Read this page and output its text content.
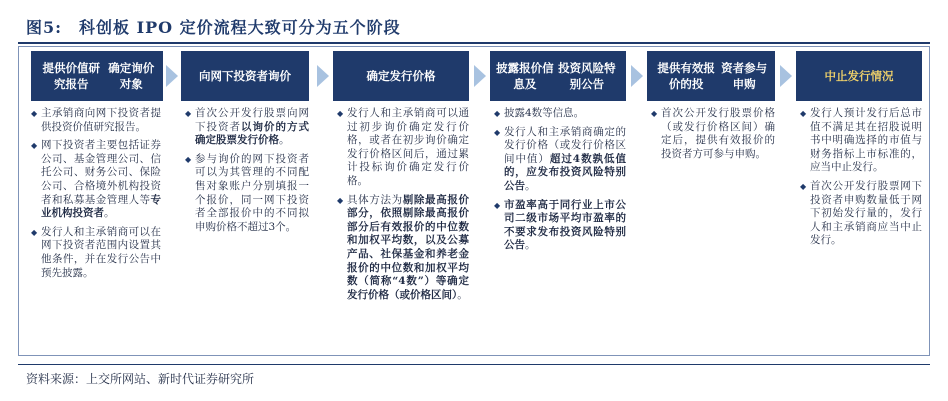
图5:　科创板 IPO 定价流程大致可分为五个阶段
提供价值研究报告
确定询价对象
◆ 主承销商向网下投资者提供投资价值研究报告。
◆ 网下投资者主要包括证券公司、基金管理公司、信托公司、财务公司、保险公司、合格境外机构投资者和私募基金管理人等专业机构投资者。
◆ 发行人和主承销商可以在网下投资者范围内设置其他条件，并在发行公告中预先披露。
向网下投资者询价
◆ 首次公开发行股票向网下投资者以询价的方式确定股票发行价格。
◆ 参与询价的网下投资者可以为其管理的不同配售对象账户分别填报一个报价，同一网下投资者全部报价中的不同拟申购价格不超过3个。
确定发行价格
◆ 发行人和主承销商可以通过初步询价确定发行价格，或者在初步询价确定发行价格区间后，通过累计投标询价确定发行价格。
◆ 具体方法为剔除最高报价部分，依照剔除最高报价部分后有效报价的中位数和加权平均数，以及公募产品、社保基金和养老金报价的中位数和加权平均数（简称“4数”）等确定发行价格（或价格区间）。
披露报价信息及
投资风险特别公告
◆ 披露4数等信息。
◆ 发行人和主承销商确定的发行价格（或发行价格区间中值）超过4数孰低值的，应发布投资风险特别公告。
◆ 市盈率高于同行业上市公司二级市场平均市盈率的不要求发布投资风险特别公告。
提供有效报价的投
资者参与申购
◆ 首次公开发行股票价格（或发行价格区间）确定后，提供有效报价的投资者方可参与申购。
中止发行情况
◆ 发行人预计发行后总市值不满足其在招股说明书中明确选择的市值与财务指标上市标准的，应当中止发行。
◆ 首次公开发行股票网下投资者申购数量低于网下初始发行量的，发行人和主承销商应当中止发行。
资料来源：上交所网站、新时代证券研究所
